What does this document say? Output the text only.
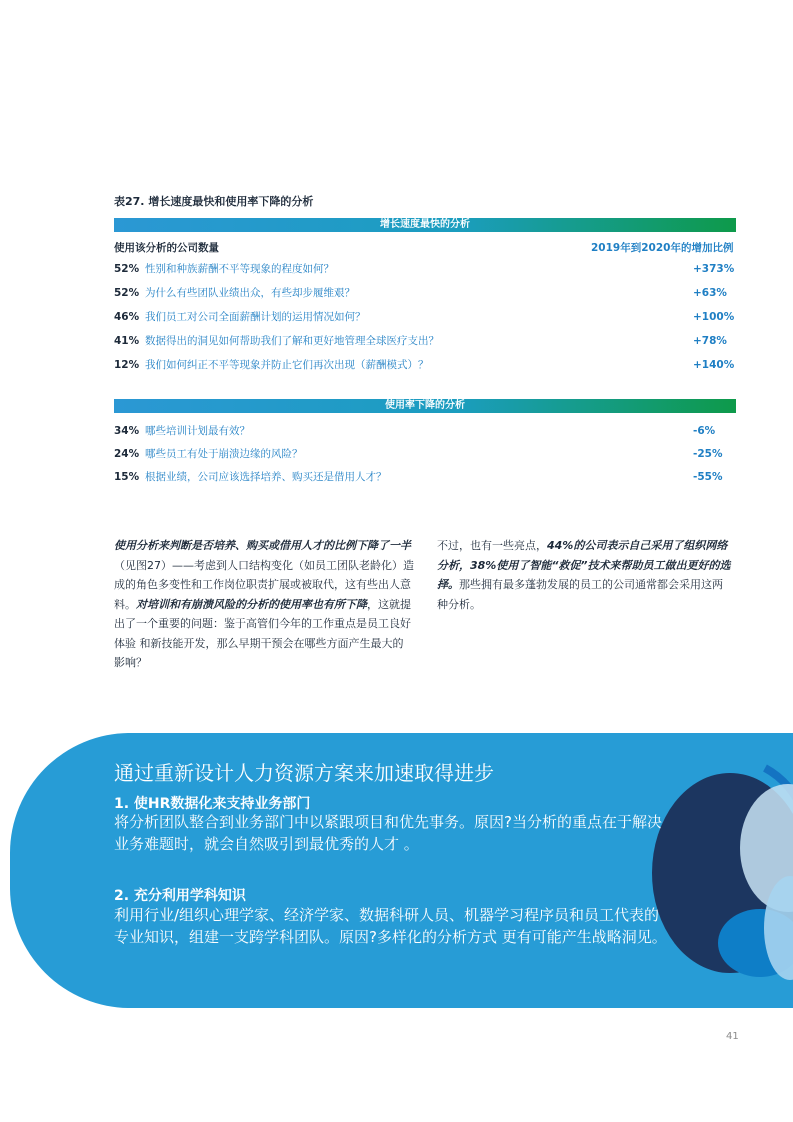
表27. 增长速度最快和使用率下降的分析
增长速度最快的分析
使用该分析的公司数量	2019年到2020年的增加比例
52% 性别和种族薪酬不平等现象的程度如何？	+373%
52% 为什么有些团队业绩出众，有些却步履维艰？	+63%
46% 我们员工对公司全面薪酬计划的运用情况如何？	+100%
41% 数据得出的洞见如何帮助我们了解和更好地管理全球医疗支出？	+78%
12% 我们如何纠正不平等现象并防止它们再次出现（薪酬模式）？	+140%
使用率下降的分析
34% 哪些培训计划最有效？	-6%
24% 哪些员工有处于崩溃边缘的风险？	-25%
15% 根据业绩，公司应该选择培养、购买还是借用人才？	-55%
使用分析来判断是否培养、购买或借用人才的比例下降了一半（见图27）——考虑到人口结构变化（如员工团队老龄化）造成的角色多变性和工作岗位职责扩展或被取代，这有些出人意料。对培训和有崩溃风险的分析的使用率也有所下降，这就提出了一个重要的问题：鉴于高管们今年的工作重点是员工良好体验 和新技能开发，那么早期干预会在哪些方面产生最大的影响？
不过，也有一些亮点，44%的公司表示自己采用了组织网络分析，38%使用了智能“救促”技术来帮助员工做出更好的选择。那些拥有最多蓬勃发展的员工的公司通常都会采用这两种分析。
通过重新设计人力资源方案来加速取得进步
1. 使HR数据化来支持业务部门
将分析团队整合到业务部门中以紧跟项目和优先事务。原因?当分析的重点在于解决业务难题时，就会自然吸引到最优秀的人才 。
2. 充分利用学科知识
利用行业/组织心理学家、经济学家、数据科研人员、机器学习程序员和员工代表的专业知识，组建一支跨学科团队。原因?多样化的分析方式 更有可能产生战略洞见。
41
